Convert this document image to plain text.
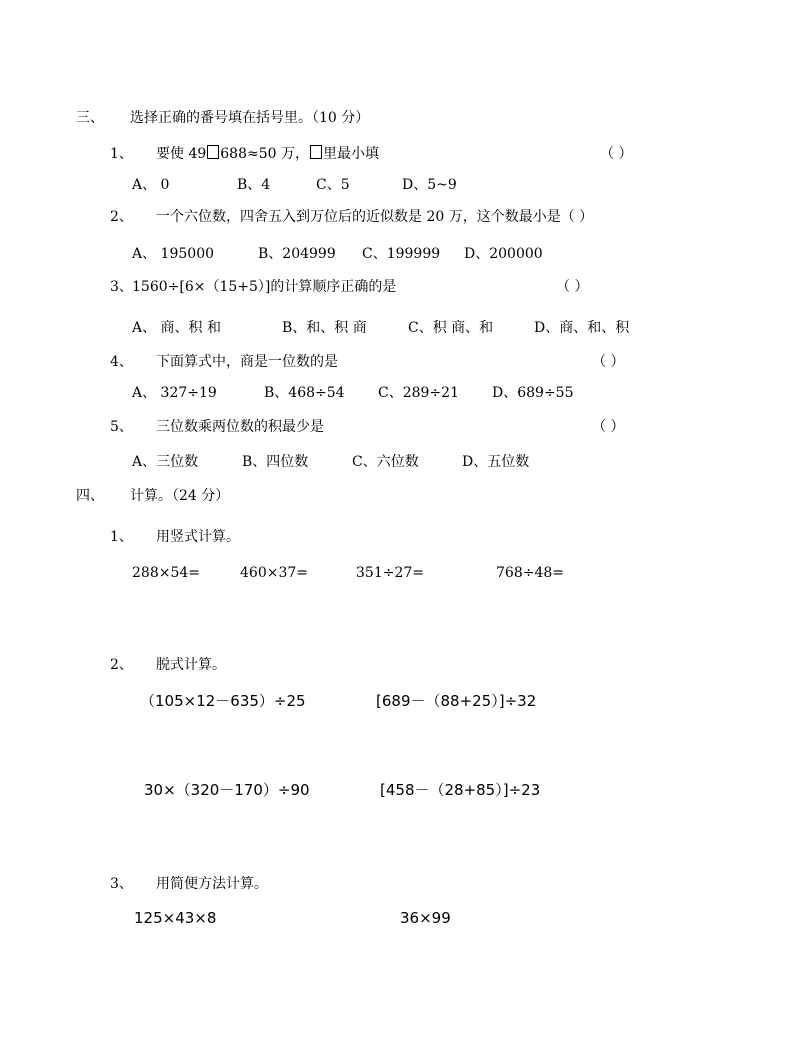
三、 选择正确的番号填在括号里。（10 分）
1、 要使 49 688≈50 万， 里最小填	（ ）
A、 0	B、4	C、5	D、5~9
2、 一个六位数，四舍五入到万位后的近似数是 20 万，这个数最小是（ ）
A、 195000	B、204999 C、199999 D、200000
3、 1560÷[6×（15+5）]的计算顺序正确的是	（ ）
A、 商、积 和	B、和、积 商	C、积 商、和	D、商、和、积
4、 下面算式中，商是一位数的是	（ ）
A、 327÷19	B、468÷54 C、289÷21 D、689÷55
5、 三位数乘两位数的积最少是	（ ）
A、三位数	B、四位数	C、六位数	D、五位数
四、 计算。（24 分）
1、 用竖式计算。
288×54=	460×37=	351÷27=	768÷48=
2、 脱式计算。
（105×12－635）÷25	[689－（88+25）]÷32
30×（320－170）÷90	[458－（28+85）]÷23
3、 用简便方法计算。
125×43×8	36×99
